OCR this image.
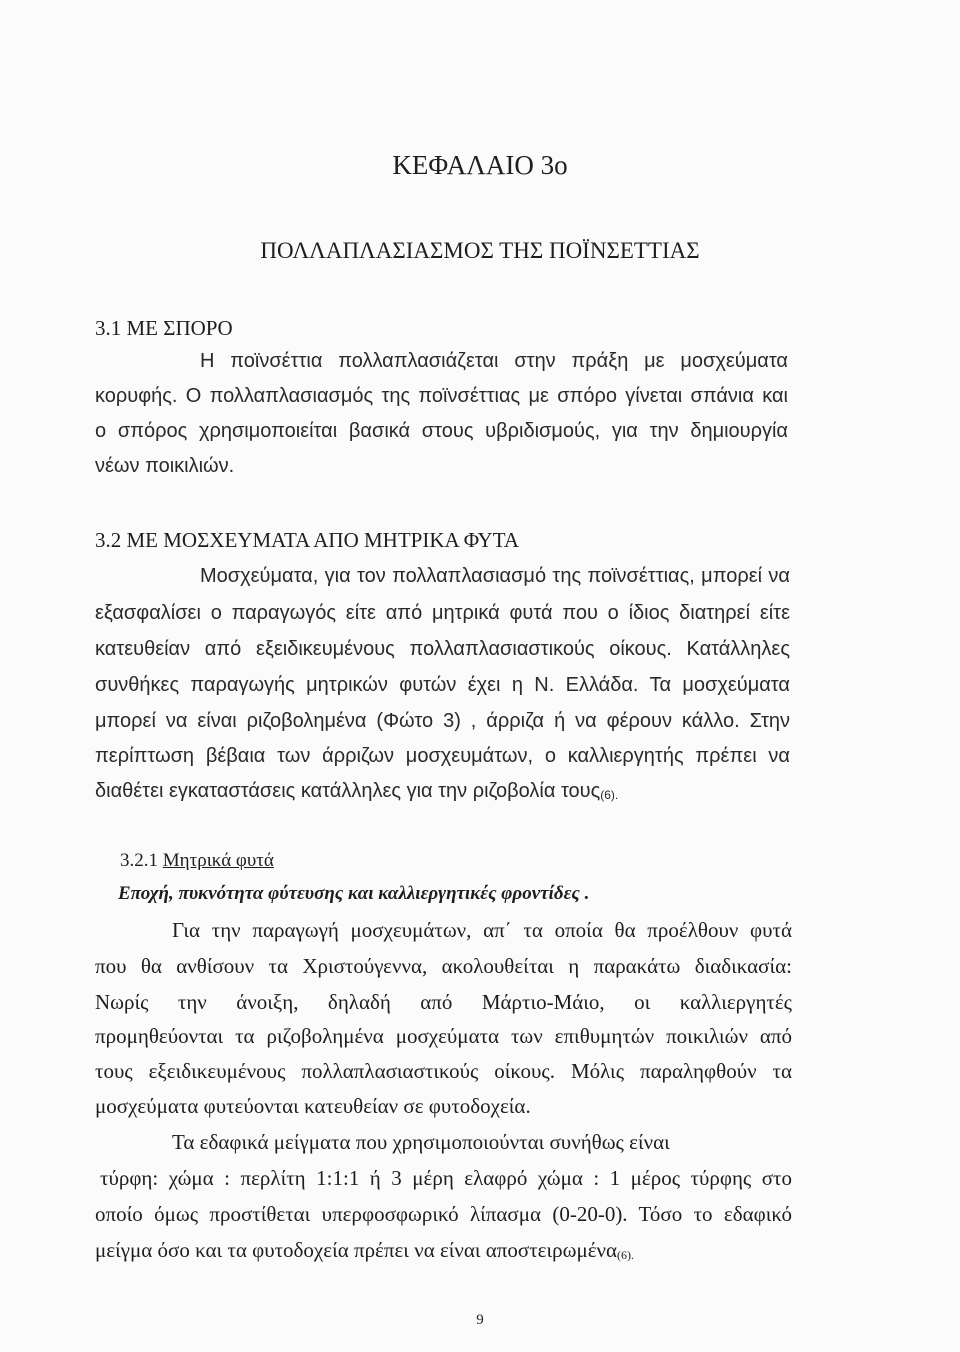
ΚΕΦΑΛΑΙΟ 3ο
ΠΟΛΛΑΠΛΑΣΙΑΣΜΟΣ ΤΗΣ ΠΟΪΝΣΕΤΤΙΑΣ
3.1 ΜΕ ΣΠΟΡΟ
Η ποϊνσέττια πολλαπλασιάζεται στην πράξη με μοσχεύματα
κορυφής. Ο πολλαπλασιασμός της ποϊνσέττιας με σπόρο γίνεται σπάνια και
ο σπόρος χρησιμοποιείται βασικά στους υβριδισμούς, για την δημιουργία
νέων ποικιλιών.
3.2 ΜΕ ΜΟΣΧΕΥΜΑΤΑ ΑΠΟ ΜΗΤΡΙΚΑ ΦΥΤΑ
Μοσχεύματα, για τον πολλαπλασιασμό της ποϊνσέττιας, μπορεί να
εξασφαλίσει ο παραγωγός είτε από μητρικά φυτά που ο ίδιος διατηρεί είτε
κατευθείαν από εξειδικευμένους πολλαπλασιαστικούς οίκους. Κατάλληλες
συνθήκες παραγωγής μητρικών φυτών έχει η Ν. Ελλάδα. Τα μοσχεύματα
μπορεί να είναι ριζοβολημένα (Φώτο 3) , άρριζα ή να φέρουν κάλλο. Στην
περίπτωση βέβαια των άρριζων μοσχευμάτων, ο καλλιεργητής πρέπει να
διαθέτει εγκαταστάσεις κατάλληλες για την ριζοβολία τους(6).
3.2.1 Μητρικά φυτά
Εποχή, πυκνότητα φύτευσης και καλλιεργητικές φροντίδες .
Για την παραγωγή μοσχευμάτων, απ΄ τα οποία θα προέλθουν φυτά
που θα ανθίσουν τα Χριστούγεννα, ακολουθείται η παρακάτω διαδικασία:
Νωρίς την άνοιξη, δηλαδή από Μάρτιο-Μάιο, οι καλλιεργητές
προμηθεύονται τα ριζοβολημένα μοσχεύματα των επιθυμητών ποικιλιών από
τους εξειδικευμένους πολλαπλασιαστικούς οίκους. Μόλις παραληφθούν τα
μοσχεύματα φυτεύονται κατευθείαν σε φυτοδοχεία.
Τα εδαφικά μείγματα που χρησιμοποιούνται συνήθως είναι
τύρφη: χώμα : περλίτη 1:1:1 ή 3 μέρη ελαφρό χώμα : 1 μέρος τύρφης στο
οποίο όμως προστίθεται υπερφοσφωρικό λίπασμα (0-20-0). Τόσο το εδαφικό
μείγμα όσο και τα φυτοδοχεία πρέπει να είναι αποστειρωμένα(6).
9
